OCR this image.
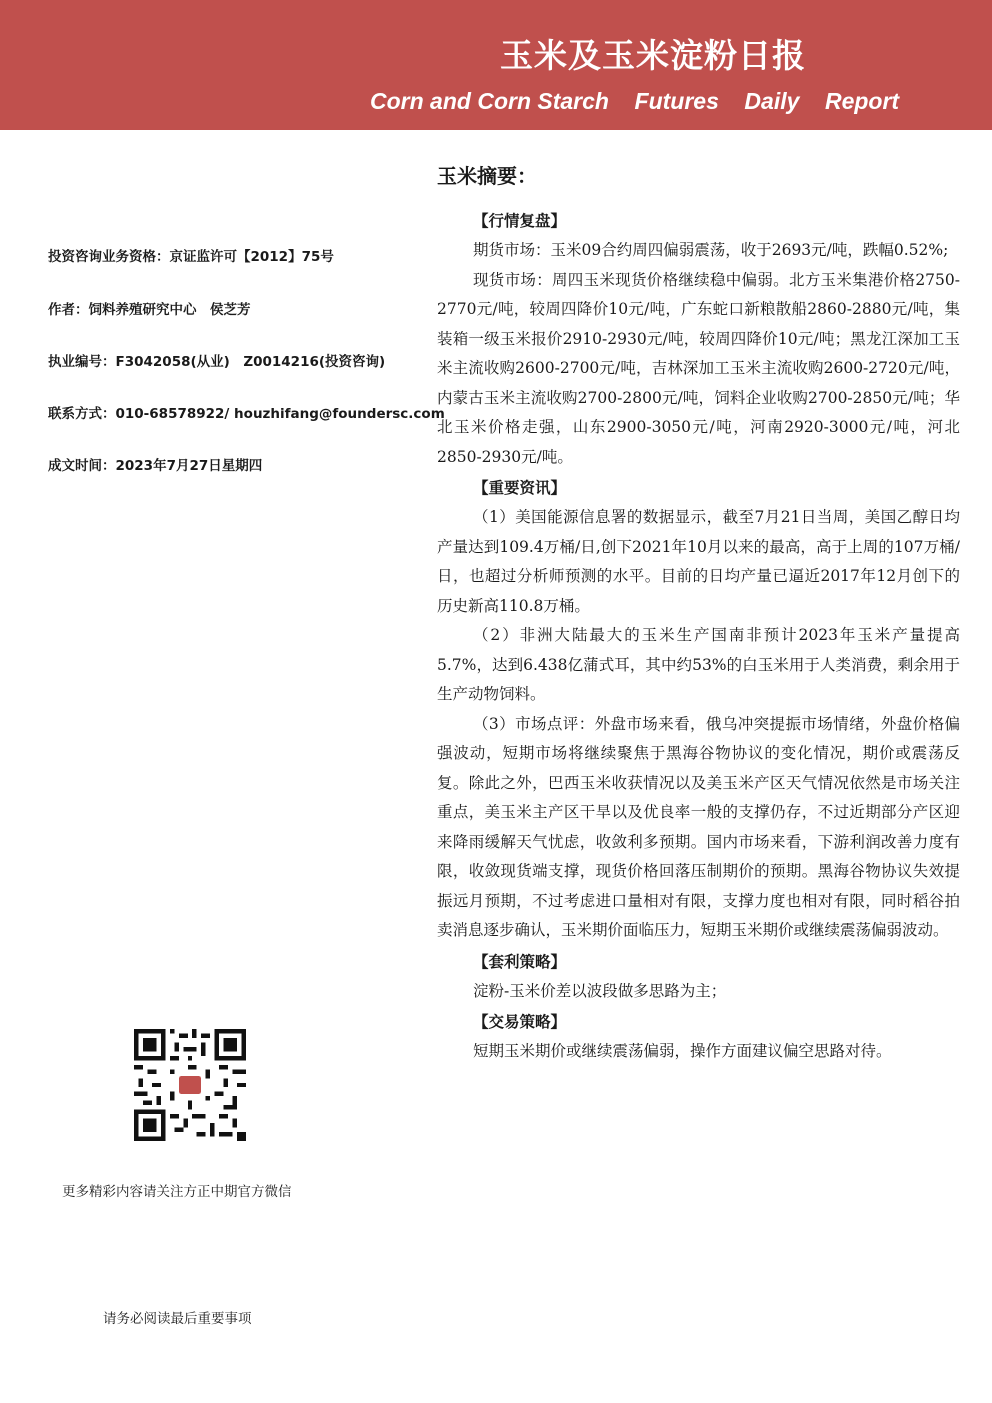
玉米及玉米淀粉日报
Corn and Corn Starch    Futures    Daily    Report
投资咨询业务资格：京证监许可【2012】75号
作者：饲料养殖研究中心　侯芝芳
执业编号：F3042058(从业)　Z0014216(投资咨询)
联系方式：010-68578922/ houzhifang@foundersc.com
成文时间：2023年7月27日星期四
更多精彩内容请关注方正中期官方微信
请务必阅读最后重要事项
玉米摘要：
【行情复盘】

期货市场：玉米09合约周四偏弱震荡，收于2693元/吨，跌幅0.52%;

现货市场：周四玉米现货价格继续稳中偏弱。北方玉米集港价格2750-2770元/吨，较周四降价10元/吨，广东蛇口新粮散船2860-2880元/吨，集装箱一级玉米报价2910-2930元/吨，较周四降价10元/吨；黑龙江深加工玉米主流收购2600-2700元/吨，吉林深加工玉米主流收购2600-2720元/吨，内蒙古玉米主流收购2700-2800元/吨，饲料企业收购2700-2850元/吨；华北玉米价格走强，山东2900-3050元/吨，河南2920-3000元/吨，河北2850-2930元/吨。

【重要资讯】

（1）美国能源信息署的数据显示，截至7月21日当周，美国乙醇日均产量达到109.4万桶/日,创下2021年10月以来的最高，高于上周的107万桶/日，也超过分析师预测的水平。目前的日均产量已逼近2017年12月创下的历史新高110.8万桶。

（2）非洲大陆最大的玉米生产国南非预计2023年玉米产量提高5.7%，达到6.438亿蒲式耳，其中约53%的白玉米用于人类消费，剩余用于生产动物饲料。

（3）市场点评：外盘市场来看，俄乌冲突提振市场情绪，外盘价格偏强波动，短期市场将继续聚焦于黑海谷物协议的变化情况，期价或震荡反复。除此之外，巴西玉米收获情况以及美玉米产区天气情况依然是市场关注重点，美玉米主产区干旱以及优良率一般的支撑仍存，不过近期部分产区迎来降雨缓解天气忧虑，收敛利多预期。国内市场来看，下游利润改善力度有限，收敛现货端支撑，现货价格回落压制期价的预期。黑海谷物协议失效提振远月预期，不过考虑进口量相对有限，支撑力度也相对有限，同时稻谷拍卖消息逐步确认，玉米期价面临压力，短期玉米期价或继续震荡偏弱波动。

【套利策略】

淀粉-玉米价差以波段做多思路为主；

【交易策略】

短期玉米期价或继续震荡偏弱，操作方面建议偏空思路对待。
